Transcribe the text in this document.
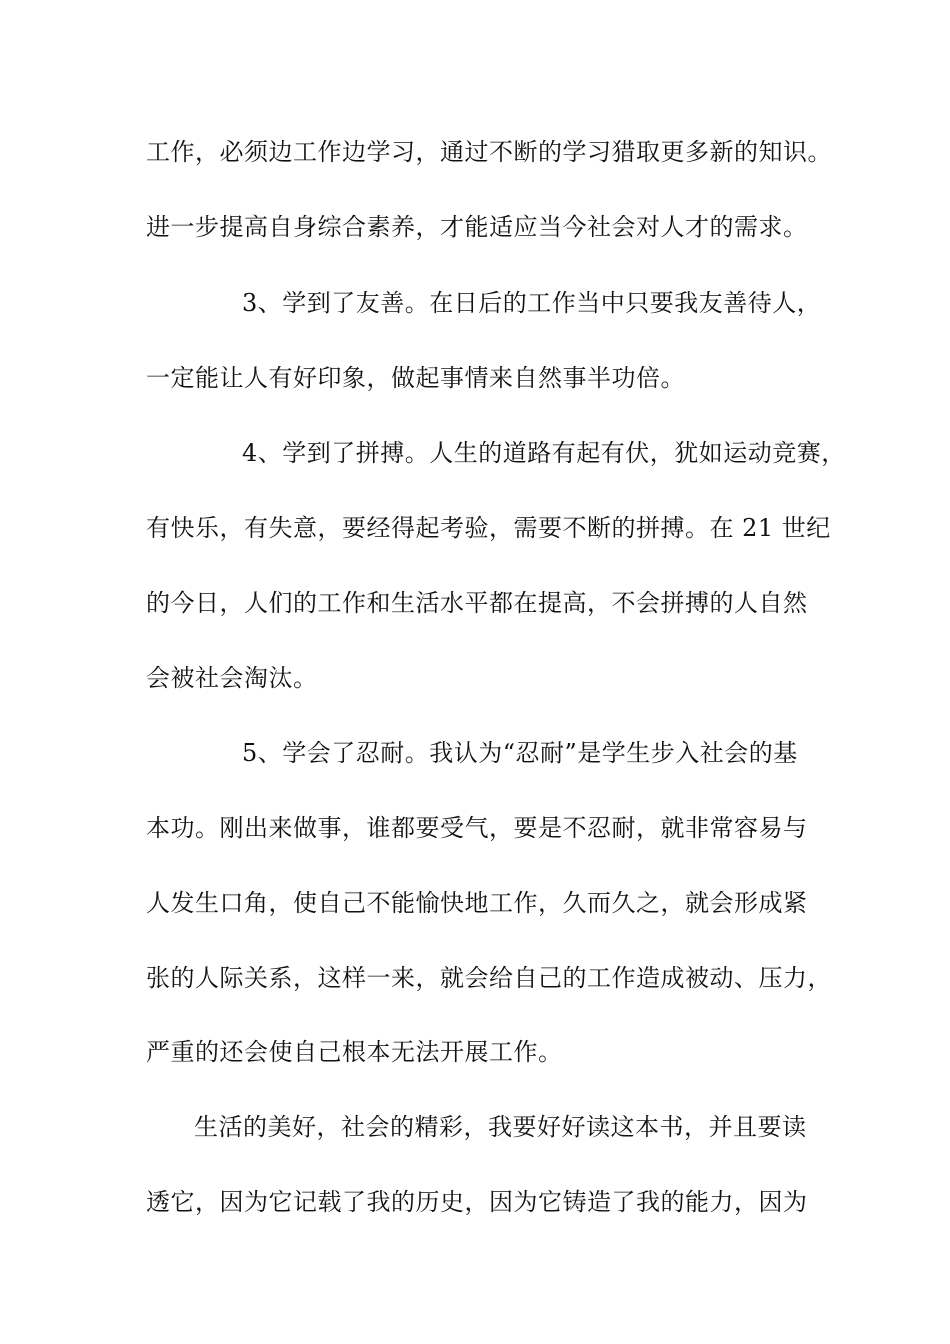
工作，必须边工作边学习，通过不断的学习猎取更多新的知识。
进一步提高自身综合素养，才能适应当今社会对人才的需求。
3、学到了友善。在日后的工作当中只要我友善待人，
一定能让人有好印象，做起事情来自然事半功倍。
4、学到了拼搏。人生的道路有起有伏，犹如运动竞赛，
有快乐，有失意，要经得起考验，需要不断的拼搏。在 21 世纪
的今日，人们的工作和生活水平都在提高，不会拼搏的人自然
会被社会淘汰。
5、学会了忍耐。我认为“忍耐”是学生步入社会的基
本功。刚出来做事，谁都要受气，要是不忍耐，就非常容易与
人发生口角，使自己不能愉快地工作，久而久之，就会形成紧
张的人际关系，这样一来，就会给自己的工作造成被动、压力，
严重的还会使自己根本无法开展工作。
生活的美好，社会的精彩，我要好好读这本书，并且要读
透它，因为它记载了我的历史，因为它铸造了我的能力，因为
